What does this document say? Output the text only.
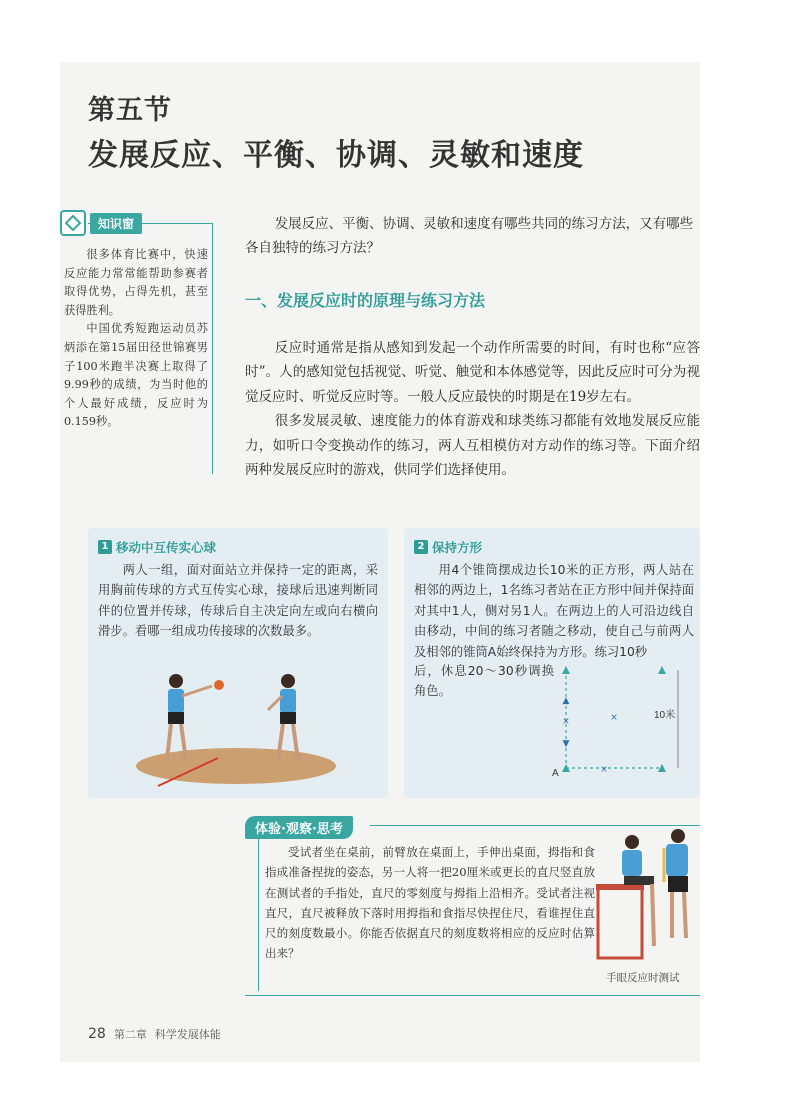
第五节
发展反应、平衡、协调、灵敏和速度
知识窗

很多体育比赛中，快速反应能力常常能帮助参赛者取得优势，占得先机，甚至获得胜利。

中国优秀短跑运动员苏炳添在第15届田径世锦赛男子100米跑半决赛上取得了9.99秒的成绩，为当时他的个人最好成绩，反应时为0.159秒。

发展反应、平衡、协调、灵敏和速度有哪些共同的练习方法，又有哪些各自独特的练习方法？
一、发展反应时的原理与练习方法

反应时通常是指从感知到发起一个动作所需要的时间，有时也称“应答时”。人的感知觉包括视觉、听觉、触觉和本体感觉等，因此反应时可分为视觉反应时、听觉反应时等。一般人反应最快的时期是在19岁左右。

很多发展灵敏、速度能力的体育游戏和球类练习都能有效地发展反应能力，如听口令变换动作的练习，两人互相模仿对方动作的练习等。下面介绍两种发展反应时的游戏，供同学们选择使用。

1 移动中互传实心球
两人一组，面对面站立并保持一定的距离，采用胸前传球的方式互传实心球，接球后迅速判断同伴的位置并传球，传球后自主决定向左或向右横向滑步。看哪一组成功传接球的次数最多。
2 保持方形
用4个锥筒摆成边长10米的正方形，两人站在相邻的两边上，1名练习者站在正方形中间并保持面对其中1人，侧对另1人。在两边上的人可沿边线自由移动，中间的练习者随之移动，使自己与前两人及相邻的锥筒A始终保持为方形。练习10秒
后，休息20～30秒调换角色。
▲
×
▼
×
×
A
10米
体验·观察·思考
受试者坐在桌前，前臂放在桌面上，手伸出桌面，拇指和食指成准备捏拢的姿态，另一人将一把20厘米或更长的直尺竖直放在测试者的手指处，直尺的零刻度与拇指上沿相齐。受试者注视直尺，直尺被释放下落时用拇指和食指尽快捏住尺，看谁捏住直尺的刻度数最小。你能否依据直尺的刻度数将相应的反应时估算出来？
手眼反应时测试
28 第二章 科学发展体能
